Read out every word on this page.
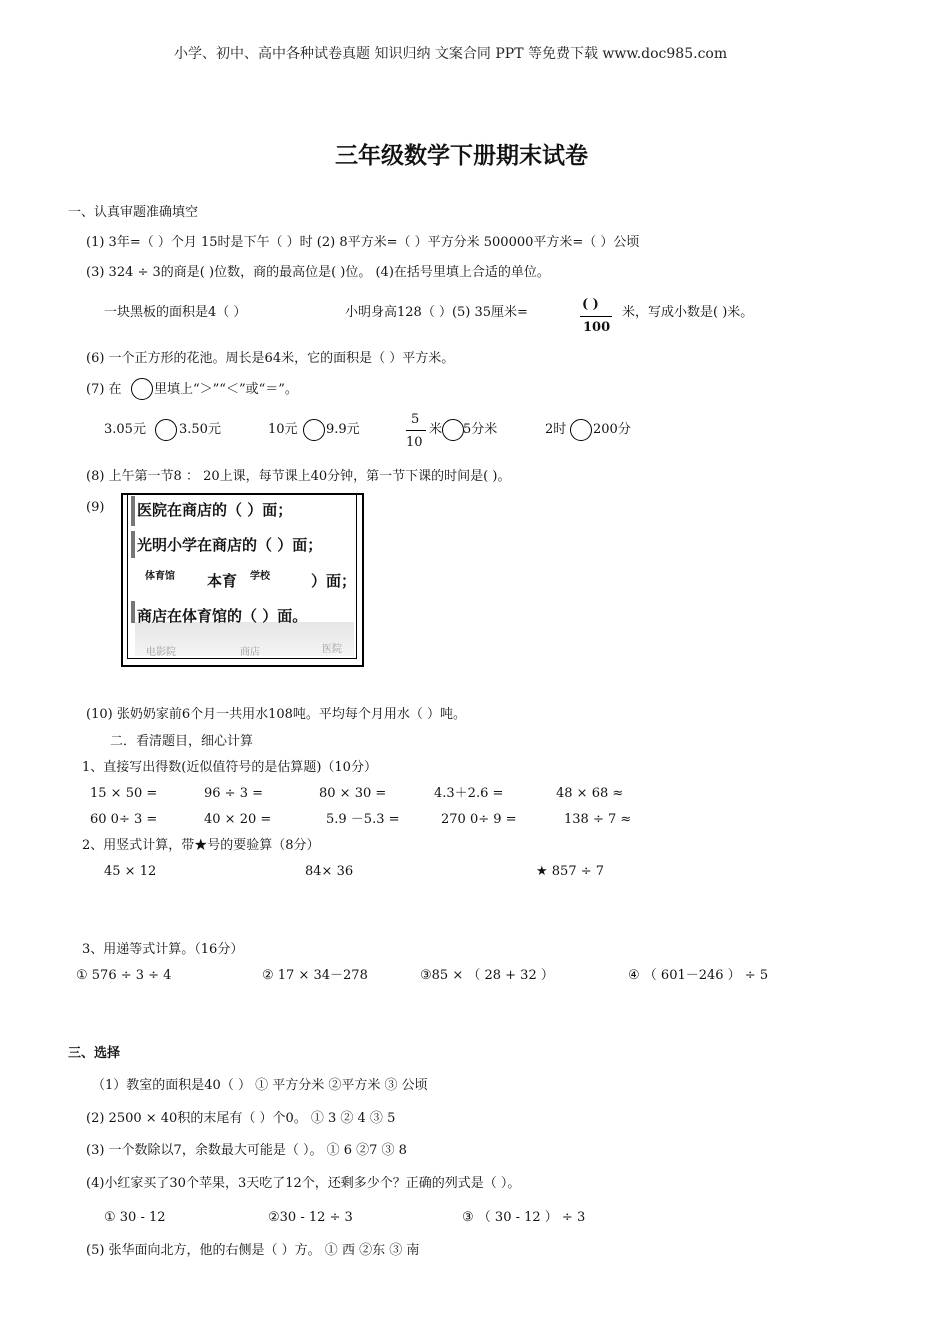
小学、初中、高中各种试卷真题 知识归纳 文案合同 PPT 等免费下载 www.doc985.com
三年级数学下册期末试卷
一、认真审题准确填空
(1) 3年=（ ）个月 15时是下午（ ）时 (2) 8平方米=（ ）平方分米 500000平方米=（ ）公顷
(3) 324 ÷ 3的商是( )位数，商的最高位是( )位。 (4)在括号里填上合适的单位。
一块黑板的面积是4（ ）	小明身高128（ ）(5) 35厘米=
( )
100
米，写成小数是( )米。
(6) 一个正方形的花池。周长是64米，它的面积是（ ）平方米。
(7) 在 里填上“＞”“＜”或“＝”。
3.05元	3.50元	10元 9.9元
5
10
米 5分米	2时 200分
(8) 上午第一节8 ： 20上课，每节课上40分钟，第一节下课的时间是( )。
(9)
电影院	商店	医院
医院在商店的（ ）面；
光明小学在商店的（ ）面；
体育馆 本育 学校	）面；
商店在体育馆的（ ）面。
(10) 张奶奶家前6个月一共用水108吨。平均每个月用水（ ）吨。
二．看清题目，细心计算
1、直接写出得数(近似值符号的是估算题)（10分）
15 × 50 =	96 ÷ 3 =	80 × 30 =	4.3＋2.6 =	48 × 68 ≈
60 0÷ 3 =	40 × 20 =	5.9 －5.3 =	270 0÷ 9 =	138 ÷ 7 ≈
2、用竖式计算，带★号的要验算（8分）
45 × 12	84× 36	★ 857 ÷ 7
3、用递等式计算。（16分）
① 576 ÷ 3 ÷ 4	② 17 × 34－278	③85 × （ 28 + 32 ）	④ （ 601－246 ） ÷ 5
三、选择
（1）教室的面积是40（ ） ① 平方分米 ②平方米 ③ 公顷
(2) 2500 × 40积的末尾有（ ）个0。 ① 3 ② 4 ③ 5
(3) 一个数除以7，余数最大可能是（ ）。 ① 6 ②7 ③ 8
(4)小红家买了30个苹果，3天吃了12个，还剩多少个？正确的列式是（ ）。
① 30 - 12	②30 - 12 ÷ 3	③ （ 30 - 12 ） ÷ 3
(5) 张华面向北方，他的右侧是（ ）方。 ① 西 ②东 ③ 南
